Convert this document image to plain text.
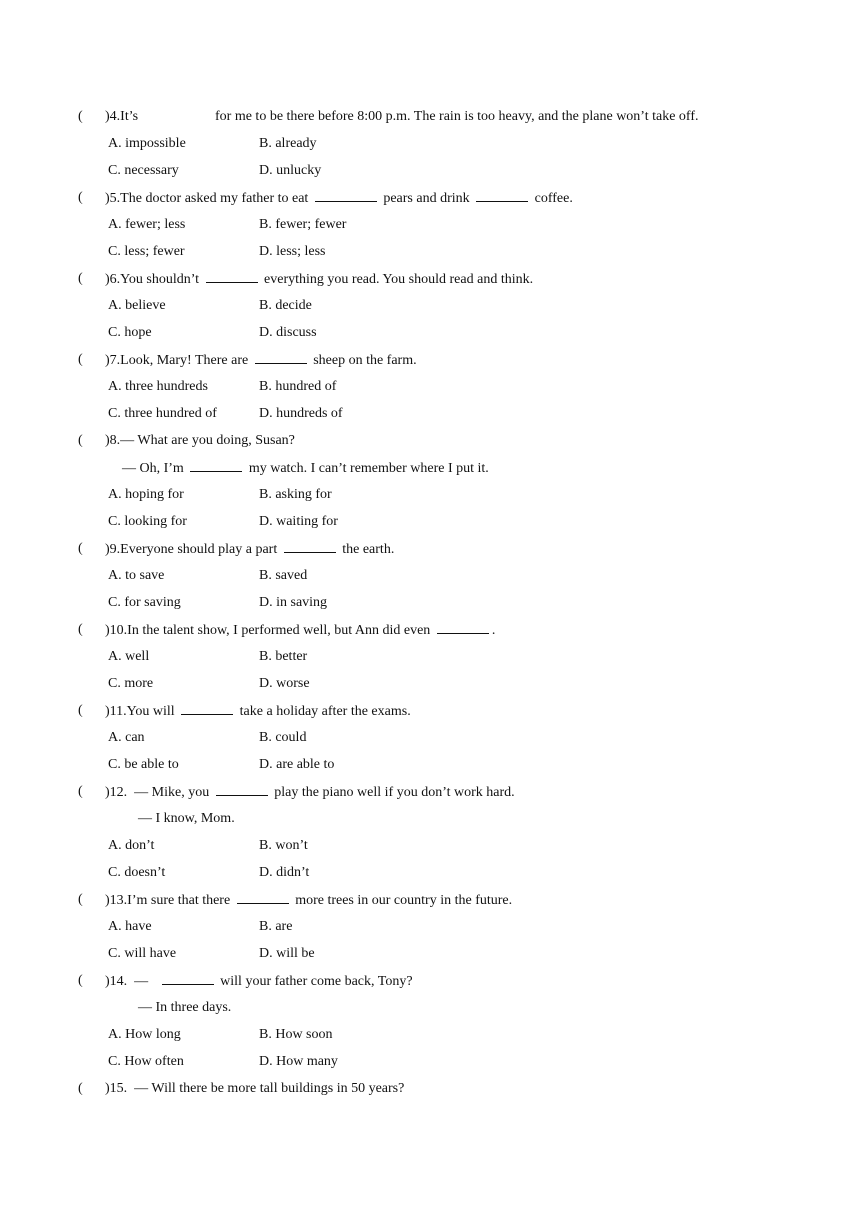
( )4.It’s	for me to be there before 8:00 p.m. The rain is too heavy, and the plane won’t take off.
A. impossible	B. already
C. necessary	D. unlucky
( )5.The doctor asked my father to eat	pears and drink	coffee.
A. fewer; less	B. fewer; fewer
C. less; fewer	D. less; less
( )6.You shouldn’t	everything you read. You should read and think.
A. believe	B. decide
C. hope	D. discuss
( )7.Look, Mary! There are	sheep on the farm.
A. three hundreds	B. hundred of
C. three hundred of	D. hundreds of
( )8.— What are you doing, Susan?
— Oh, I’m	my watch. I can’t remember where I put it.
A. hoping for	B. asking for
C. looking for	D. waiting for
( )9.Everyone should play a part	the earth.
A. to save	B. saved
C. for saving	D. in saving
( )10.In the talent show, I performed well, but Ann did even	.
A. well	B. better
C. more	D. worse
( )11.You will	take a holiday after the exams.
A. can	B. could
C. be able to	D. are able to
( )12. — Mike, you	play the piano well if you don’t work hard.
— I know, Mom.
A. don’t	B. won’t
C. doesn’t	D. didn’t
( )13.I’m sure that there	more trees in our country in the future.
A. have	B. are
C. will have	D. will be
( )14. —	will your father come back, Tony?
— In three days.
A. How long	B. How soon
C. How often	D. How many
( )15. — Will there be more tall buildings in 50 years?
